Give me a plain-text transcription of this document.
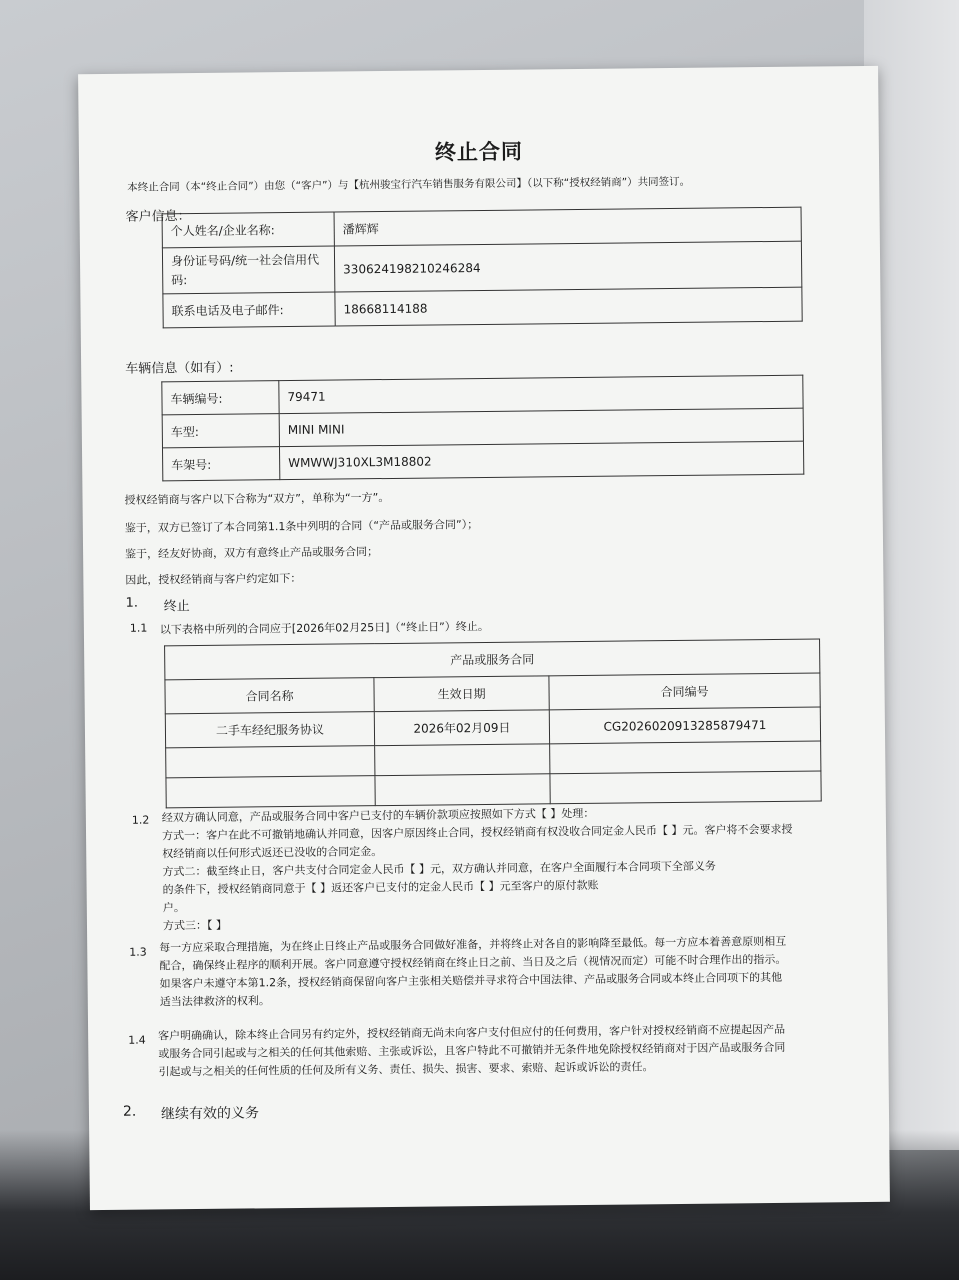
终止合同
本终止合同（本“终止合同”）由您（“客户”）与【杭州骏宝行汽车销售服务有限公司】（以下称“授权经销商”）共同签订。
客户信息：
个人姓名/企业名称:	潘辉辉
身份证号码/统一社会信用代码:	330624198210246284
联系电话及电子邮件:	18668114188
车辆信息（如有）:
车辆编号:	79471
车型:	MINI MINI
车架号:	WMWWJ310XL3M18802
授权经销商与客户以下合称为“双方”，单称为“一方”。
鉴于，双方已签订了本合同第1.1条中列明的合同（“产品或服务合同”）；
鉴于，经友好协商，双方有意终止产品或服务合同；
因此，授权经销商与客户约定如下：
1. 终止
1.1 以下表格中所列的合同应于[2026年02月25日]（“终止日”）终止。
产品或服务合同		
合同名称	生效日期	合同编号
二手车经纪服务协议	2026年02月09日	CG202602091328587​9471

1.2 经双方确认同意，产品或服务合同中客户已支付的车辆价款项应按照如下方式【 】处理：
方式一：客户在此不可撤销地确认并同意，因客户原因终止合同，授权经销商有权没收合同定金人民币【 】元。客户将不会要求授
权经销商以任何形式返还已没收的合同定金。
方式二：截至终止日，客户共支付合同定金人民币【 】元，双方确认并同意，在客户全面履行本合同项下全部义务
的条件下，授权经销商同意于【 】返还客户已支付的定金人民币【 】元至客户的原付款账
户。
方式三：【 】
1.3 每一方应采取合理措施，为在终止日终止产品或服务合同做好准备，并将终止对各自的影响降至最低。每一方应本着善意原则相互
配合，确保终止程序的顺利开展。客户同意遵守授权经销商在终止日之前、当日及之后（视情况而定）可能不时合理作出的指示。
如果客户未遵守本第1.2条，授权经销商保留向客户主张相关赔偿并寻求符合中国法律、产品或服务合同或本终止合同项下的其他
适当法律救济的权利。
1.4 客户明确确认，除本终止合同另有约定外，授权经销商无尚未向客户支付但应付的任何费用，客户针对授权经销商不应提起因产品
或服务合同引起或与之相关的任何其他索赔、主张或诉讼，且客户特此不可撤销并无条件地免除授权经销商对于因产品或服务合同
引起或与之相关的任何性质的任何及所有义务、责任、损失、损害、要求、索赔、起诉或诉讼的责任。
2. 继续有效的义务
